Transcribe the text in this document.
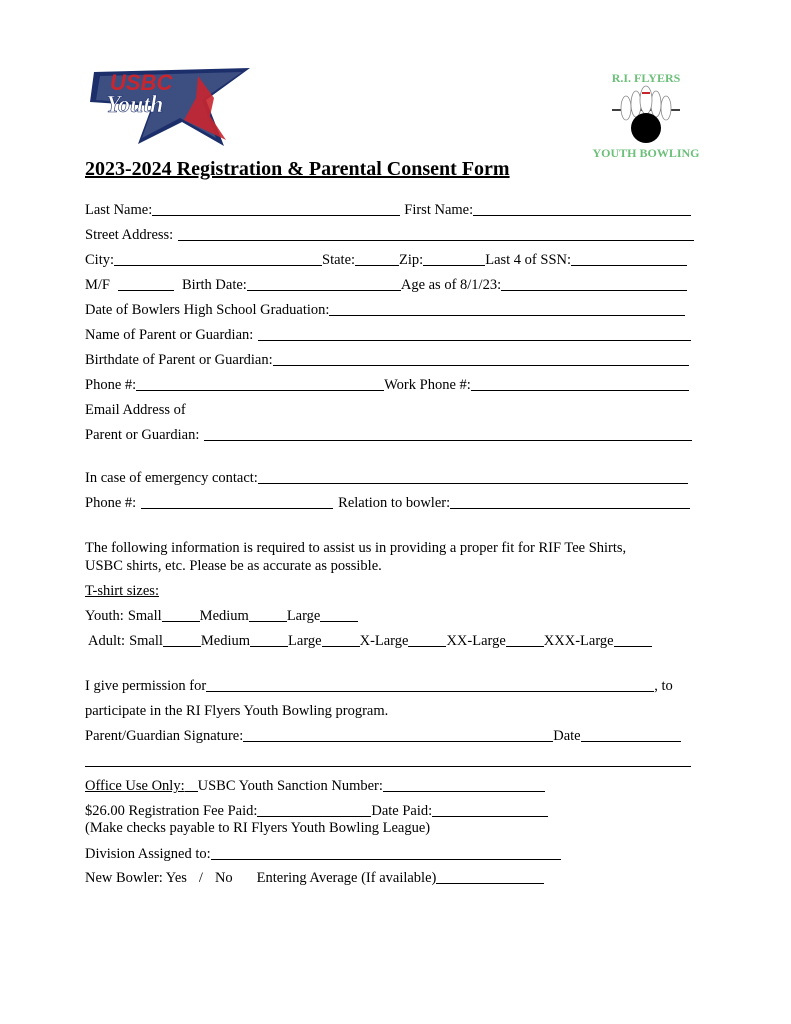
USBC
Youth
R.I. FLYERS
YOUTH BOWLING
2023-2024 Registration & Parental Consent Form
Last Name:	First Name:
Street Address:
City:	State:	Zip:	Last 4 of SSN:
M/F	Birth Date:	Age as of 8/1/23:
Date of Bowlers High School Graduation:
Name of Parent or Guardian:
Birthdate of Parent or Guardian:
Phone #:	Work Phone #:
Email Address of
Parent or Guardian:
In case of emergency contact:
Phone #:	Relation to bowler:
The following information is required to assist us in providing a proper fit for RIF Tee Shirts,
USBC shirts, etc. Please be as accurate as possible.
T-shirt sizes:
Youth: Small	Medium	Large
Adult: Small	Medium	Large	X-Large	XX-Large	XXX-Large
I give permission for	, to
participate in the RI Flyers Youth Bowling program.
Parent/Guardian Signature:	Date
Office Use Only: USBC Youth Sanction Number:
$26.00 Registration Fee Paid:	Date Paid:
(Make checks payable to RI Flyers Youth Bowling League)
Division Assigned to:
New Bowler: Yes / No Entering Average (If available)
